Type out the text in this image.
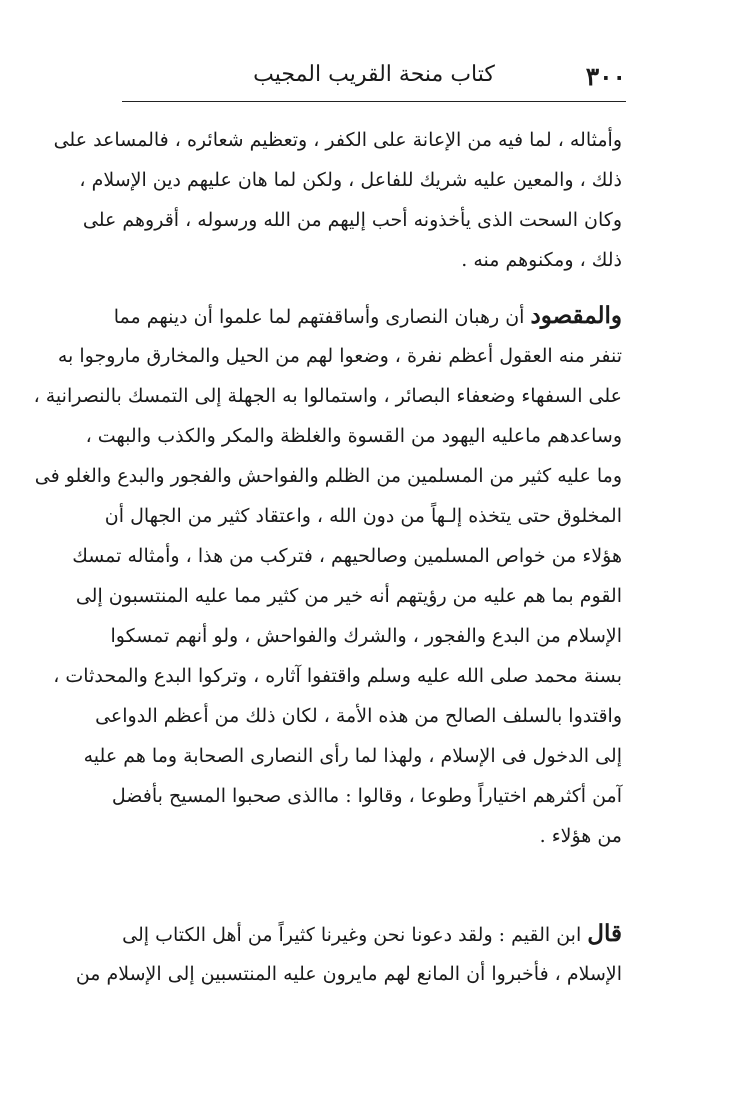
٣٠٠
كتاب منحة القريب المجيب
وأمثاله ، لما فيه من الإعانة على الكفر ، وتعظيم شعائره ، فالمساعد على
ذلك ، والمعين عليه شريك للفاعل ، ولكن لما هان عليهم دين الإسلام ،
وكان السحت الذى يأخذونه أحب إليهم من الله ورسوله ، أقروهم على
ذلك ، ومكنوهم منه .
والمقصود أن رهبان النصارى وأساقفتهم لما علموا أن دينهم مما
تنفر منه العقول أعظم نفرة ، وضعوا لهم من الحيل والمخارق ماروجوا به
على السفهاء وضعفاء البصائر ، واستمالوا به الجهلة إلى التمسك بالنصرانية ،
وساعدهم ماعليه اليهود من القسوة والغلظة والمكر والكذب والبهت ،
وما عليه كثير من المسلمين من الظلم والفواحش والفجور والبدع والغلو فى
المخلوق حتى يتخذه إلـهاً من دون الله ، واعتقاد كثير من الجهال أن
هؤلاء من خواص المسلمين وصالحيهم ، فتركب من هذا ، وأمثاله تمسك
القوم بما هم عليه من رؤيتهم أنه خير من كثير مما عليه المنتسبون إلى
الإسلام من البدع والفجور ، والشرك والفواحش ، ولو أنهم تمسكوا
بسنة محمد صلى الله عليه وسلم واقتفوا آثاره ، وتركوا البدع والمحدثات ،
واقتدوا بالسلف الصالح من هذه الأمة ، لكان ذلك من أعظم الدواعى
إلى الدخول فى الإسلام ، ولهذا لما رأى النصارى الصحابة وما هم عليه
آمن أكثرهم اختياراً وطوعا ، وقالوا : ماالذى صحبوا المسيح بأفضل
من هؤلاء .
قال ابن القيم : ولقد دعونا نحن وغيرنا كثيراً من أهل الكتاب إلى
الإسلام ، فأخبروا أن المانع لهم مايرون عليه المنتسبين إلى الإسلام من
